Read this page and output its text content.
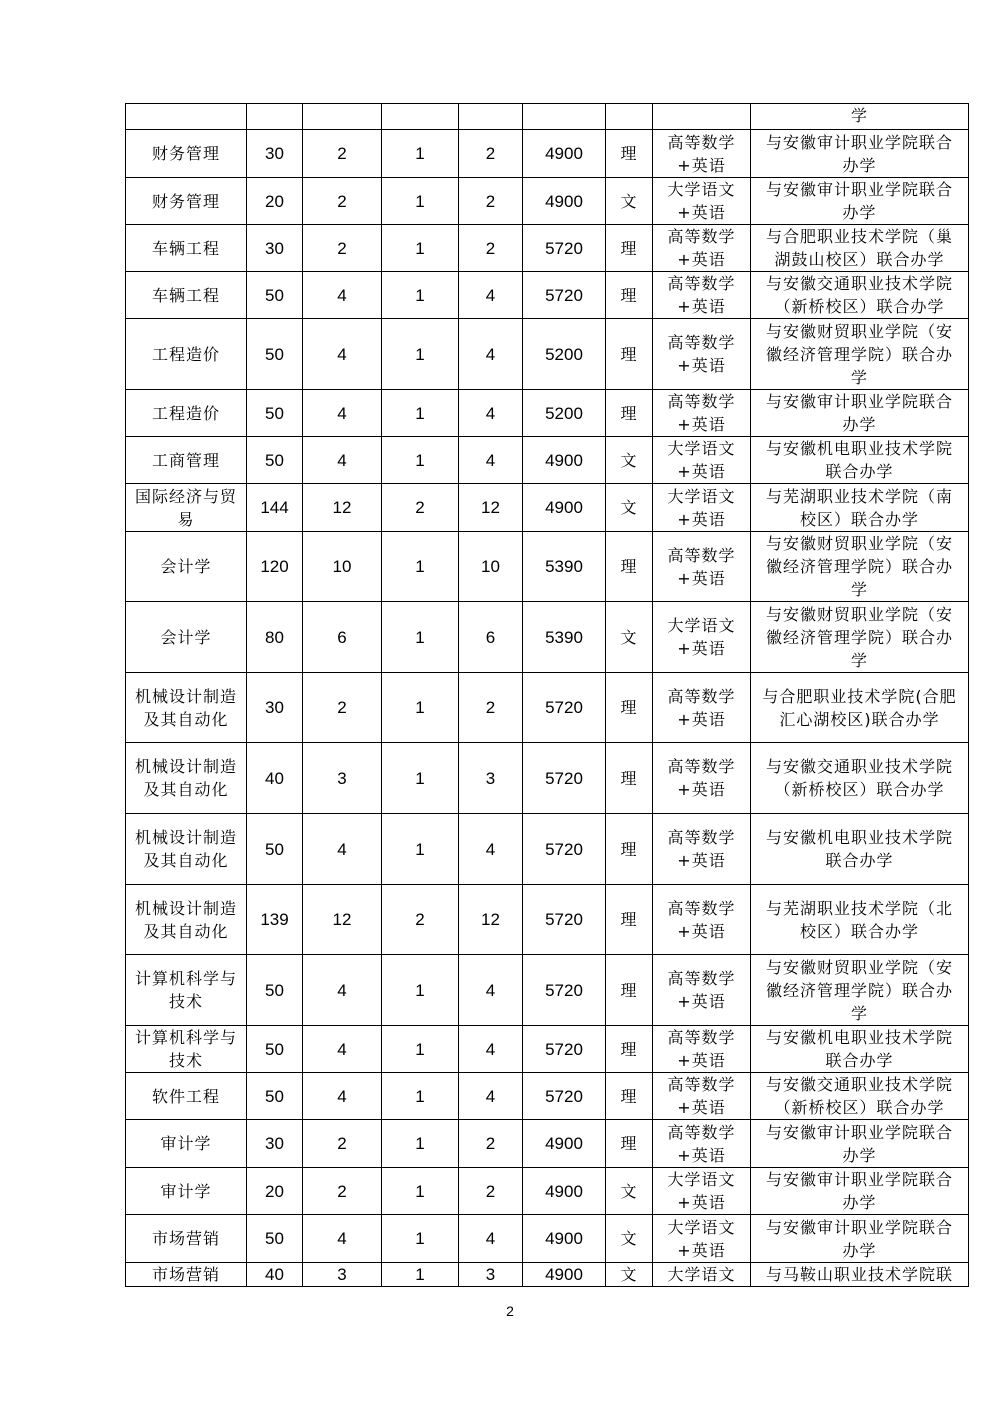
								学
财务管理	30	2	1	2	4900	理	高等数学+英语	与安徽审计职业学院联合办学
财务管理	20	2	1	2	4900	文	大学语文+英语	与安徽审计职业学院联合办学
车辆工程	30	2	1	2	5720	理	高等数学+英语	与合肥职业技术学院（巢湖鼓山校区）联合办学
车辆工程	50	4	1	4	5720	理	高等数学+英语	与安徽交通职业技术学院（新桥校区）联合办学
工程造价	50	4	1	4	5200	理	高等数学+英语	与安徽财贸职业学院（安徽经济管理学院）联合办学
工程造价	50	4	1	4	5200	理	高等数学+英语	与安徽审计职业学院联合办学
工商管理	50	4	1	4	4900	文	大学语文+英语	与安徽机电职业技术学院联合办学
国际经济与贸易	144	12	2	12	4900	文	大学语文+英语	与芜湖职业技术学院（南校区）联合办学
会计学	120	10	1	10	5390	理	高等数学+英语	与安徽财贸职业学院（安徽经济管理学院）联合办学
会计学	80	6	1	6	5390	文	大学语文+英语	与安徽财贸职业学院（安徽经济管理学院）联合办学
机械设计制造及其自动化	30	2	1	2	5720	理	高等数学+英语	与合肥职业技术学院(合肥汇心湖校区)联合办学
机械设计制造及其自动化	40	3	1	3	5720	理	高等数学+英语	与安徽交通职业技术学院（新桥校区）联合办学
机械设计制造及其自动化	50	4	1	4	5720	理	高等数学+英语	与安徽机电职业技术学院联合办学
机械设计制造及其自动化	139	12	2	12	5720	理	高等数学+英语	与芜湖职业技术学院（北校区）联合办学
计算机科学与技术	50	4	1	4	5720	理	高等数学+英语	与安徽财贸职业学院（安徽经济管理学院）联合办学
计算机科学与技术	50	4	1	4	5720	理	高等数学+英语	与安徽机电职业技术学院联合办学
软件工程	50	4	1	4	5720	理	高等数学+英语	与安徽交通职业技术学院（新桥校区）联合办学
审计学	30	2	1	2	4900	理	高等数学+英语	与安徽审计职业学院联合办学
审计学	20	2	1	2	4900	文	大学语文+英语	与安徽审计职业学院联合办学
市场营销	50	4	1	4	4900	文	大学语文+英语	与安徽审计职业学院联合办学
市场营销	40	3	1	3	4900	文	大学语文	与马鞍山职业技术学院联
2
